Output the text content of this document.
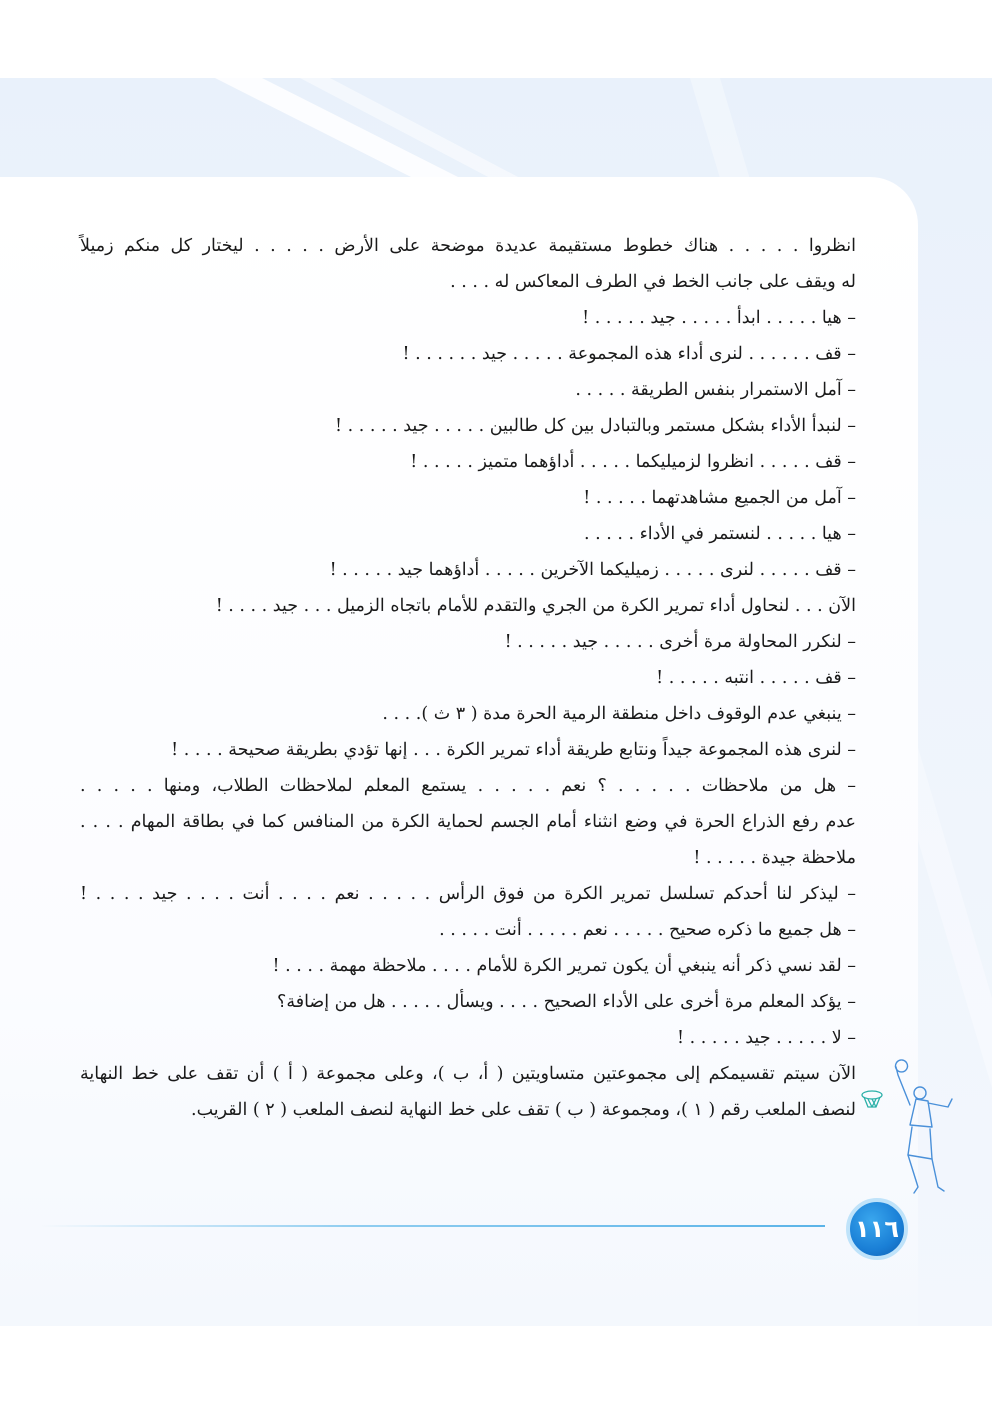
انظروا . . . . . هناك خطوط مستقيمة عديدة موضحة على الأرض . . . . . ليختار كل منكم زميلاً

له ويقف على جانب الخط في الطرف المعاكس له . . . .

– هيا . . . . . ابدأ . . . . . جيد . . . . . !

– قف . . . . . . لنرى أداء هذه المجموعة . . . . . جيد . . . . . . !

– آمل الاستمرار بنفس الطريقة . . . . .

– لنبدأ الأداء بشكل مستمر وبالتبادل بين كل طالبين . . . . . جيد . . . . . !

– قف . . . . . انظروا لزميليكما . . . . . أداؤهما متميز . . . . . !

– آمل من الجميع مشاهدتهما . . . . . !

– هيا . . . . . لنستمر في الأداء . . . . .

– قف . . . . . لنرى . . . . . زميليكما الآخرين . . . . . أداؤهما جيد . . . . . !

الآن . . . لنحاول أداء تمرير الكرة من الجري والتقدم للأمام باتجاه الزميل . . . جيد . . . . !

– لنكرر المحاولة مرة أخرى . . . . . جيد . . . . . !

– قف . . . . . انتبه . . . . . !

– ينبغي عدم الوقوف داخل منطقة الرمية الحرة مدة ( ٣ ث ). . . .

– لنرى هذه المجموعة جيداً ونتابع طريقة أداء تمرير الكرة . . . إنها تؤدي بطريقة صحيحة . . . . !

– هل من ملاحظات . . . . . ؟ نعم . . . . . يستمع المعلم لملاحظات الطلاب، ومنها . . . . .

عدم رفع الذراع الحرة في وضع انثناء أمام الجسم لحماية الكرة من المنافس كما في بطاقة المهام . . . .

ملاحظة جيدة . . . . . !

– ليذكر لنا أحدكم تسلسل تمرير الكرة من فوق الرأس . . . . . نعم . . . . أنت . . . . جيد . . . . !

– هل جميع ما ذكره صحيح . . . . . نعم . . . . . أنت . . . . .

– لقد نسي ذكر أنه ينبغي أن يكون تمرير الكرة للأمام . . . . ملاحظة مهمة . . . . !

– يؤكد المعلم مرة أخرى على الأداء الصحيح . . . . ويسأل . . . . . هل من إضافة؟

– لا . . . . . جيد . . . . . !

الآن سيتم تقسيمكم إلى مجموعتين متساويتين ( أ، ب )، وعلى مجموعة ( أ ) أن تقف على خط النهاية

لنصف الملعب رقم ( ١ )، ومجموعة ( ب ) تقف على خط النهاية لنصف الملعب ( ٢ ) القريب.

١١٦
